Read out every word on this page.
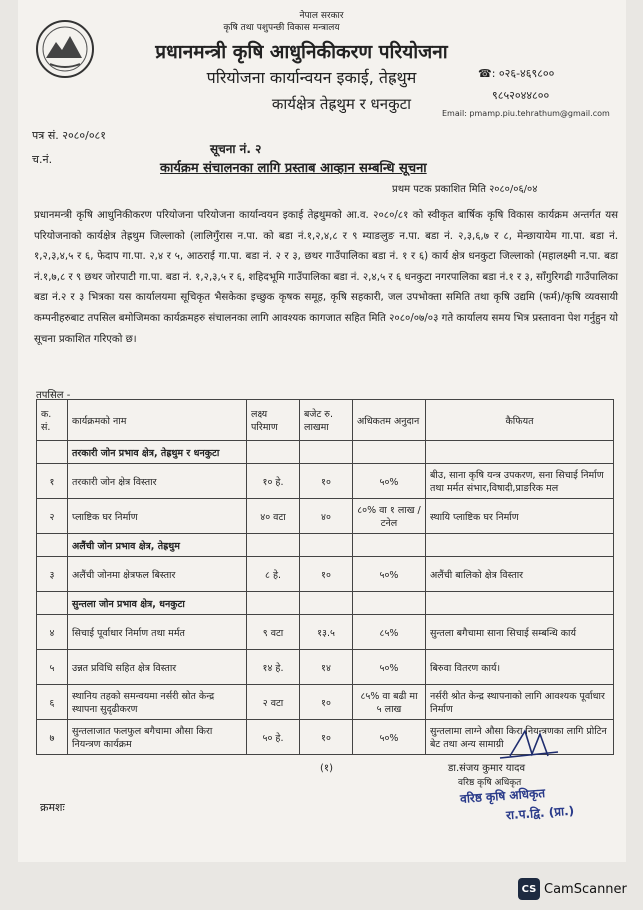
नेपाल सरकार
कृषि तथा पशुपन्छी विकास मन्त्रालय
प्रधानमन्त्री कृषि आधुनिकीकरण परियोजना
परियोजना कार्यान्वयन इकाई, तेह्रथुम
कार्यक्षेत्र तेह्रथुम र धनकुटा
☎: ०२६-४६९८००
९८५२०४४८००
Email: pmamp.piu.tehrathum@gmail.com
पत्र सं. २०८०/०८१
च.नं.
सूचना नं. २
कार्यक्रम संचालनका लागि प्रस्ताब आव्हान सम्बन्धि सूचना
प्रथम पटक प्रकाशित मिति २०८०/०६/०४
प्रधानमन्त्री कृषि आधुनिकीकरण परियोजना परियोजना कार्यान्वयन इकाई तेह्रथुमको आ.व. २०८०/८१ को स्वीकृत बार्षिक कृषि विकास कार्यक्रम अन्तर्गत यस परियोजनाको कार्यक्षेत्र तेह्रथुम जिल्लाको (लालिगुँरास न.पा. को बडा नं.१,२,४,८ र ९ म्याङलुङ न.पा. बडा नं. २,३,६,७ र ८, मेन्छायायेम गा.पा. बडा नं. १,२,३,४,५ र ६, फेदाप गा.पा. २,४ र ५, आठराई गा.पा. बडा नं. २ र ३, छथर गाउँपालिका बडा नं. १ र ६) कार्य क्षेत्र धनकुटा जिल्लाको (महालक्ष्मी न.पा. बडा नं.१,७,८ र ९ छथर जोरपाटी गा.पा. बडा नं. १,२,३,५ र ६, शहिदभूमि गाउँपालिका बडा नं. २,४,५ र ६ धनकुटा नगरपालिका बडा नं.१ र ३, साँगुरिगढी गाउँपालिका बडा नं.२ र ३ भित्रका यस कार्यालयमा सूचिकृत भैसकेका इच्छुक कृषक समूह, कृषि सहकारी, जल उपभोक्ता समिति तथा कृषि उद्यमि (फर्म)/कृषि व्यवसायी कम्पनीहरुबाट तपसिल बमोजिमका कार्यक्रमहरु संचालनका लागि आवश्यक कागजात सहित मिति २०८०/०७/०३ गते कार्यालय समय भित्र प्रस्तावना पेश गर्नुहुन यो सूचना प्रकाशित गरिएको छ।
तपसिल -
क. सं.	कार्यक्रमको नाम	लक्ष्य परिमाण	बजेट रु. लाखमा	अधिकतम अनुदान	कैफियत
	तरकारी जोन प्रभाव क्षेत्र, तेह्रथुम र धनकुटा				
१	तरकारी जोन क्षेत्र विस्तार	१० हे.	१०	५०%	बीउ, साना कृषि यन्त्र उपकरण, सना सिचाई निर्माण तथा मर्मत संभार,विषादी,प्राङरिक मल
२	प्लाष्टिक घर निर्माण	४० वटा	४०	८०% वा १ लाख /टनेल	स्थायि प्लाष्टिक घर निर्माण
	अलैंची जोन प्रभाव क्षेत्र, तेह्रथुम				
३	अलैंची जोनमा क्षेत्रफल बिस्तार	८ हे.	१०	५०%	अलैंची बालिको क्षेत्र विस्तार
	सुन्तला जोन प्रभाव क्षेत्र, धनकुटा				
४	सिचाई पूर्वाधार निर्माण तथा मर्मत	९ वटा	१३.५	८५%	सुन्तला बगैचामा साना सिचाई सम्बन्धि कार्य
५	उन्नत प्रविधि सहित क्षेत्र विस्तार	१४ हे.	१४	५०%	बिरुवा वितरण कार्य।
६	स्थानिय तहको समन्वयमा नर्सरी स्रोत केन्द्र स्थापना सुदृढीकरण	२ वटा	१०	८५% वा बढी मा ५ लाख	नर्सरी श्रोत केन्द्र स्थापनाको लागि आवश्यक पूर्वाधार निर्माण
७	सुन्तलाजात फलफुल बगैचामा औसा किरा नियन्त्रण कार्यक्रम	५० हे.	१०	५०%	सुन्तलामा लाग्ने औसा किरा नियन्त्रणका लागि प्रोटिन बेट तथा अन्य सामाग्री
(१)	डा.संजय कुमार यादव
वरिष्ठ कृषि अधिकृत
वरिष्ठ कृषि अधिकृत
रा.प.द्वि. (प्रा.)
क्रमशः
CS CamScanner
